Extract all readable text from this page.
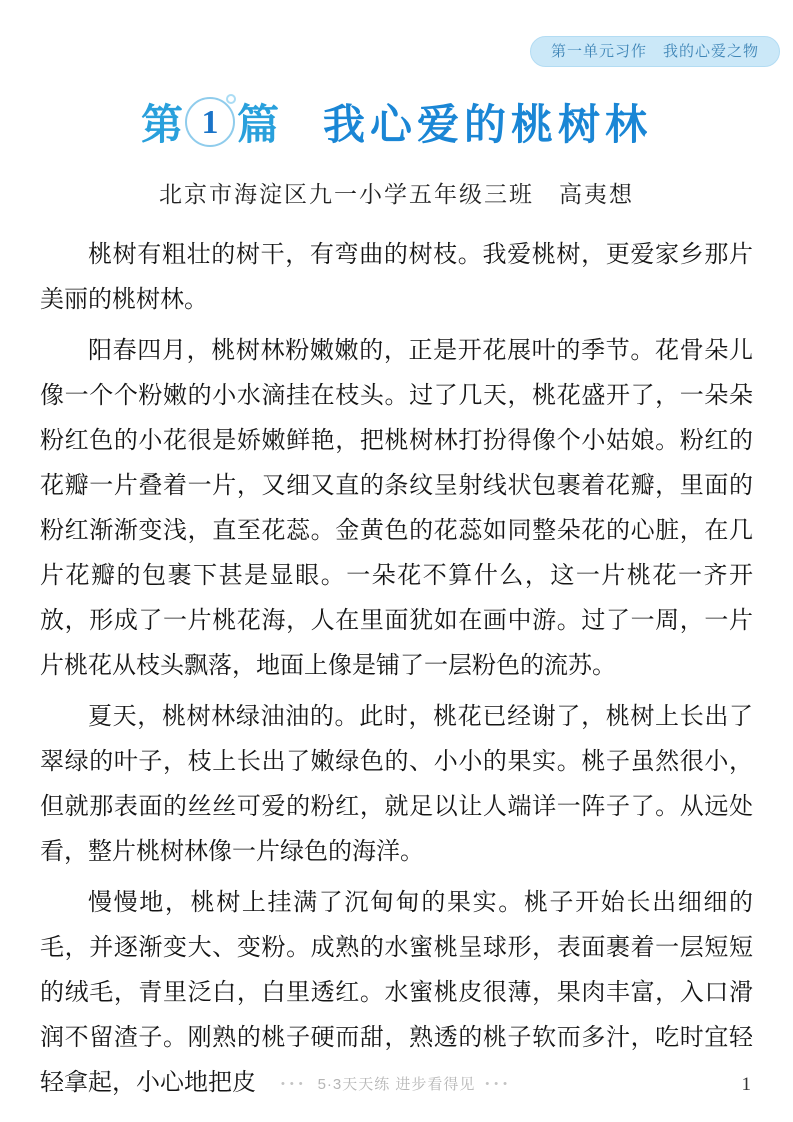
第一单元习作　我的心爱之物
第 1 篇 我心爱的桃树林
北京市海淀区九一小学五年级三班　高夷想

桃树有粗壮的树干，有弯曲的树枝。我爱桃树，更爱家乡那片美丽的桃树林。

阳春四月，桃树林粉嫩嫩的，正是开花展叶的季节。花骨朵儿像一个个粉嫩的小水滴挂在枝头。过了几天，桃花盛开了，一朵朵粉红色的小花很是娇嫩鲜艳，把桃树林打扮得像个小姑娘。粉红的花瓣一片叠着一片，又细又直的条纹呈射线状包裹着花瓣，里面的粉红渐渐变浅，直至花蕊。金黄色的花蕊如同整朵花的心脏，在几片花瓣的包裹下甚是显眼。一朵花不算什么，这一片桃花一齐开放，形成了一片桃花海，人在里面犹如在画中游。过了一周，一片片桃花从枝头飘落，地面上像是铺了一层粉色的流苏。

夏天，桃树林绿油油的。此时，桃花已经谢了，桃树上长出了翠绿的叶子，枝上长出了嫩绿色的、小小的果实。桃子虽然很小，但就那表面的丝丝可爱的粉红，就足以让人端详一阵子了。从远处看，整片桃树林像一片绿色的海洋。

慢慢地，桃树上挂满了沉甸甸的果实。桃子开始长出细细的毛，并逐渐变大、变粉。成熟的水蜜桃呈球形，表面裹着一层短短的绒毛，青里泛白，白里透红。水蜜桃皮很薄，果肉丰富，入口滑润不留渣子。刚熟的桃子硬而甜，熟透的桃子软而多汁，吃时宜轻轻拿起，小心地把皮	••• 5·3天天练 进步看得见 •••	1
